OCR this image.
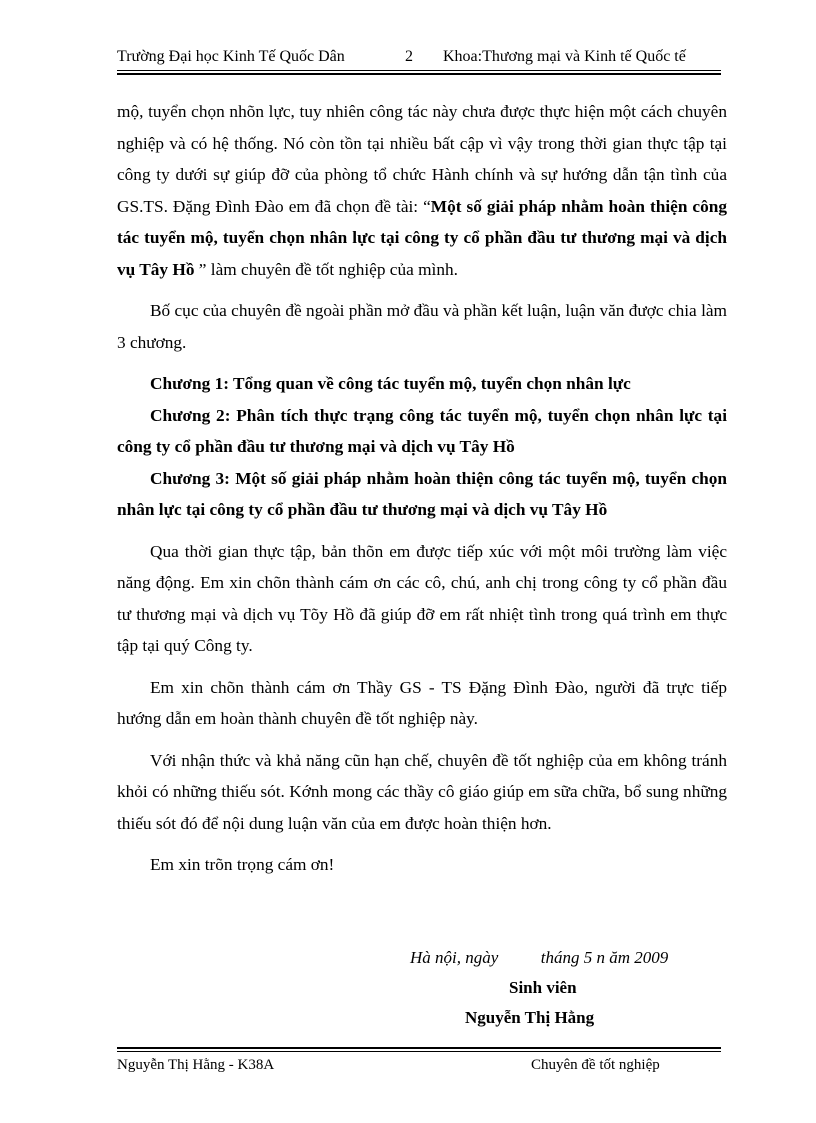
Trường Đại học Kinh Tế Quốc Dân	2 Khoa:Thương mại và Kinh tế Quốc tế

mộ, tuyển chọn nhõn lực, tuy nhiên công tác này chưa được thực hiện một cách chuyên nghiệp và có hệ thống. Nó còn tồn tại nhiều bất cập vì vậy trong thời gian thực tập tại công ty dưới sự giúp đỡ của phòng tổ chức Hành chính và sự hướng dẫn tận tình của GS.TS. Đặng Đình Đào em đã chọn đề tài: “Một số giải pháp nhằm hoàn thiện công tác tuyển mộ, tuyển chọn nhân lực tại công ty cổ phần đầu tư thương mại và dịch vụ Tây Hồ ” làm chuyên đề tốt nghiệp của mình.

Bố cục của chuyên đề ngoài phần mở đầu và phần kết luận, luận văn được chia làm 3 chương.

Chương 1: Tổng quan về công tác tuyển mộ, tuyển chọn nhân lực

Chương 2: Phân tích thực trạng công tác tuyển mộ, tuyển chọn nhân lực tại công ty cổ phần đầu tư thương mại và dịch vụ Tây Hồ

Chương 3: Một số giải pháp nhằm hoàn thiện công tác tuyển mộ, tuyển chọn nhân lực tại công ty cổ phần đầu tư thương mại và dịch vụ Tây Hồ

Qua thời gian thực tập, bản thõn em được tiếp xúc với một môi trường làm việc năng động. Em xin chõn thành cám ơn các cô, chú, anh chị trong công ty cổ phần đầu tư thương mại và dịch vụ Tõy Hồ đã giúp đỡ em rất nhiệt tình trong quá trình em thực tập tại quý Công ty.

Em xin chõn thành cám ơn Thầy GS - TS Đặng Đình Đào, người đã trực tiếp hướng dẫn em hoàn thành chuyên đề tốt nghiệp này.

Với nhận thức và khả năng cũn hạn chế, chuyên đề tốt nghiệp của em không tránh khỏi có những thiếu sót. Kớnh mong các thầy cô giáo giúp em sữa chữa, bổ sung những thiếu sót đó để nội dung luận văn của em được hoàn thiện hơn.

Em xin trõn trọng cám ơn!

Hà nội, ngày          tháng 5 n ăm 2009
Sinh viên
Nguyễn Thị Hằng
Nguyễn Thị Hằng - K38A	Chuyên đề tốt nghiệp
